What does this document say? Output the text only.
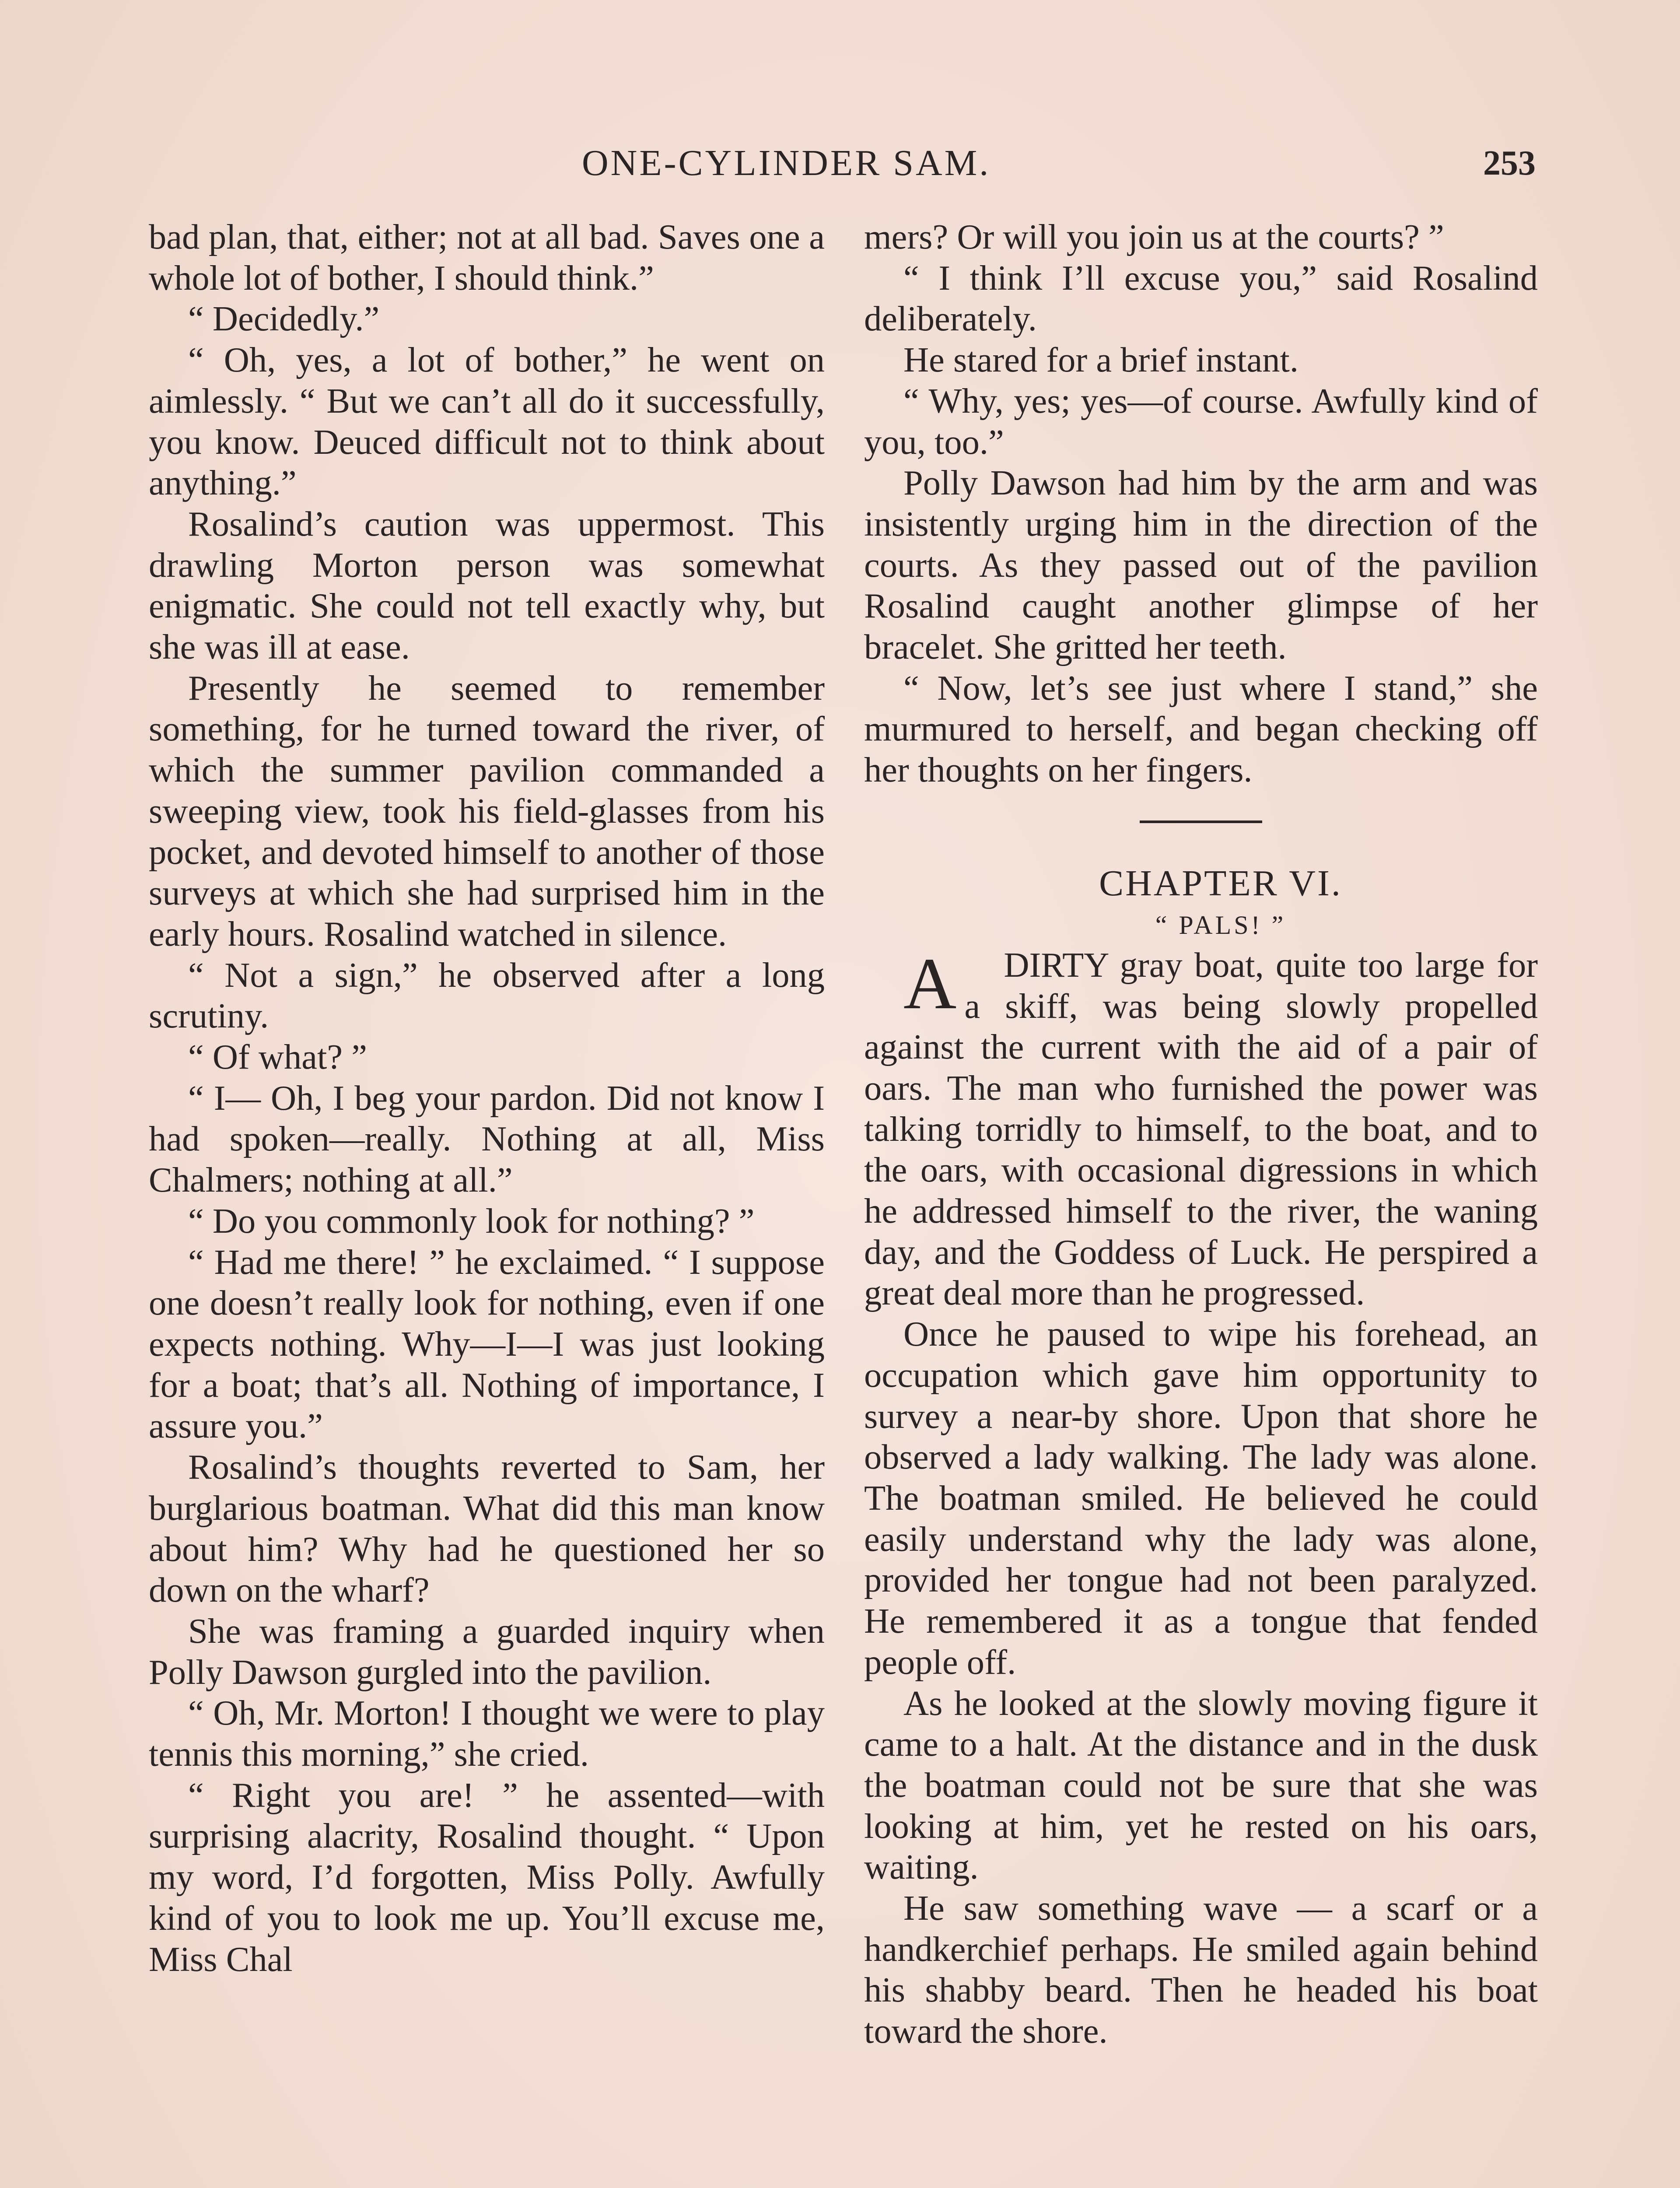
ONE-CYLINDER SAM.	253

bad plan, that, either; not at all bad. Saves one a whole lot of bother, I should think.”

“ Decidedly.”

“ Oh, yes, a lot of bother,” he went on aimlessly. “ But we can’t all do it successfully, you know. Deuced difficult not to think about anything.”

Rosalind’s caution was uppermost. This drawling Morton person was somewhat enigmatic. She could not tell exactly why, but she was ill at ease.

Presently he seemed to remember something, for he turned toward the river, of which the summer pavilion commanded a sweeping view, took his field-glasses from his pocket, and devoted himself to another of those surveys at which she had surprised him in the early hours. Rosalind watched in silence.

“ Not a sign,” he observed after a long scrutiny.

“ Of what? ”

“ I— Oh, I beg your pardon. Did not know I had spoken—really. Nothing at all, Miss Chalmers; nothing at all.”

“ Do you commonly look for nothing? ”

“ Had me there! ” he exclaimed. “ I suppose one doesn’t really look for nothing, even if one expects nothing. Why—I—I was just looking for a boat; that’s all. Nothing of importance, I assure you.”

Rosalind’s thoughts reverted to Sam, her burglarious boatman. What did this man know about him? Why had he questioned her so down on the wharf?

She was framing a guarded inquiry when Polly Dawson gurgled into the pavilion.

“ Oh, Mr. Morton! I thought we were to play tennis this morning,” she cried.

“ Right you are! ” he assented—with surprising alacrity, Rosalind thought. “ Upon my word, I’d forgotten, Miss Polly. Awfully kind of you to look me up. You’ll excuse me, Miss Chal

mers? Or will you join us at the courts? ”

“ I think I’ll excuse you,” said Rosalind deliberately.

He stared for a brief instant.

“ Why, yes; yes—of course. Awfully kind of you, too.”

Polly Dawson had him by the arm and was insistently urging him in the direction of the courts. As they passed out of the pavilion Rosalind caught another glimpse of her bracelet. She gritted her teeth.

“ Now, let’s see just where I stand,” she murmured to herself, and began checking off her thoughts on her fingers.

CHAPTER VI.

“ PALS! ”

A DIRTY gray boat, quite too large for a skiff, was being slowly propelled against the current with the aid of a pair of oars. The man who furnished the power was talking torridly to himself, to the boat, and to the oars, with occasional digressions in which he addressed himself to the river, the waning day, and the Goddess of Luck. He perspired a great deal more than he progressed.

Once he paused to wipe his forehead, an occupation which gave him opportunity to survey a near-by shore. Upon that shore he observed a lady walking. The lady was alone. The boatman smiled. He believed he could easily understand why the lady was alone, provided her tongue had not been paralyzed. He remembered it as a tongue that fended people off.

As he looked at the slowly moving figure it came to a halt. At the distance and in the dusk the boatman could not be sure that she was looking at him, yet he rested on his oars, waiting.

He saw something wave — a scarf or a handkerchief perhaps. He smiled again behind his shabby beard. Then he headed his boat toward the shore.
